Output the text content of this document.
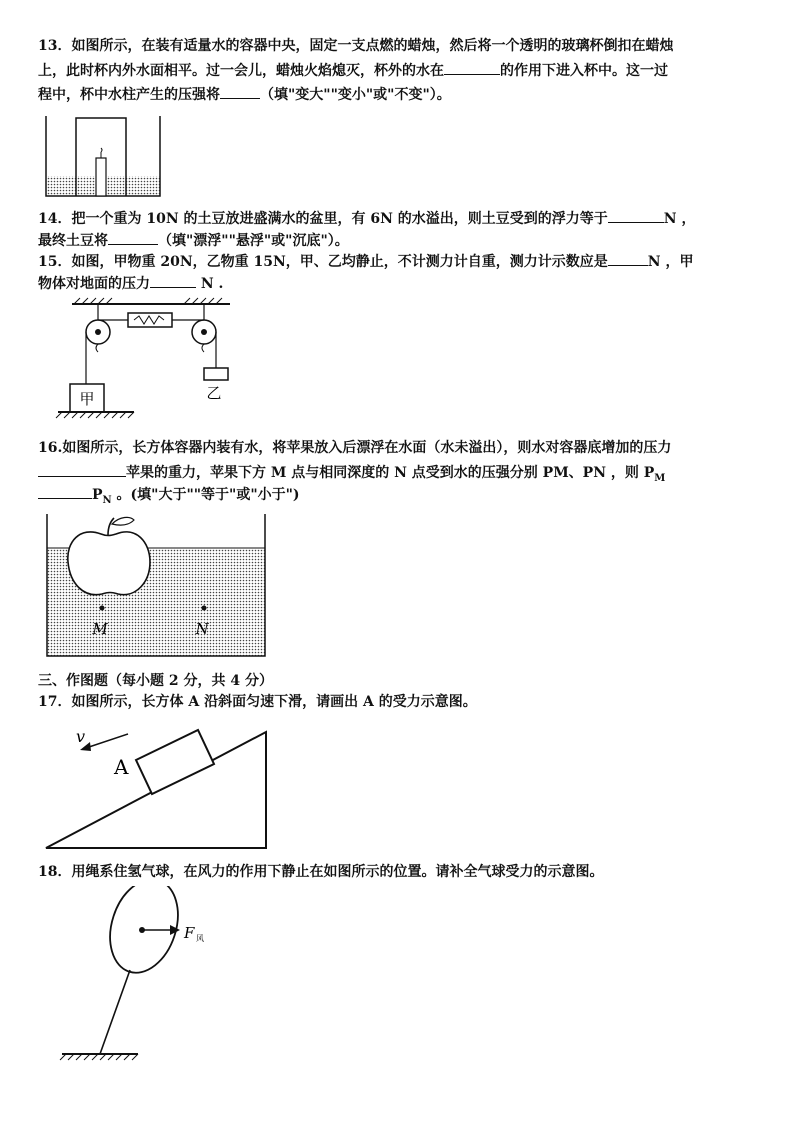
13．如图所示，在装有适量水的容器中央，固定一支点燃的蜡烛，然后将一个透明的玻璃杯倒扣在蜡烛
上，此时杯内外水面相平。过一会儿，蜡烛火焰熄灭，杯外的水在	的作用下进入杯中。这一过
程中，杯中水柱产生的压强将	（填"变大""变小"或"不变"）。
14．把一个重为 10N 的土豆放进盛满水的盆里，有 6N 的水溢出，则土豆受到的浮力等于	N ，
最终土豆将	（填"漂浮""悬浮"或"沉底"）。
15．如图，甲物重 20N，乙物重 15N，甲、乙均静止，不计测力计自重，测力计示数应是	N ，甲
物体对地面的压力	N .
甲	乙
16.如图所示，长方体容器内装有水，将苹果放入后漂浮在水面（水未溢出），则水对容器底增加的压力
苹果的重力，苹果下方 M 点与相同深度的 N 点受到水的压强分别 PM、PN ，则 $P_M$
$P_N$ 。(填"大于""等于"或"小于")
M	N
三、作图题（每小题 2 分，共 4 分）
17．如图所示，长方体 A 沿斜面匀速下滑，请画出 A 的受力示意图。
A
v
18．用绳系住氢气球，在风力的作用下静止在如图所示的位置。请补全气球受力的示意图。
F 风
